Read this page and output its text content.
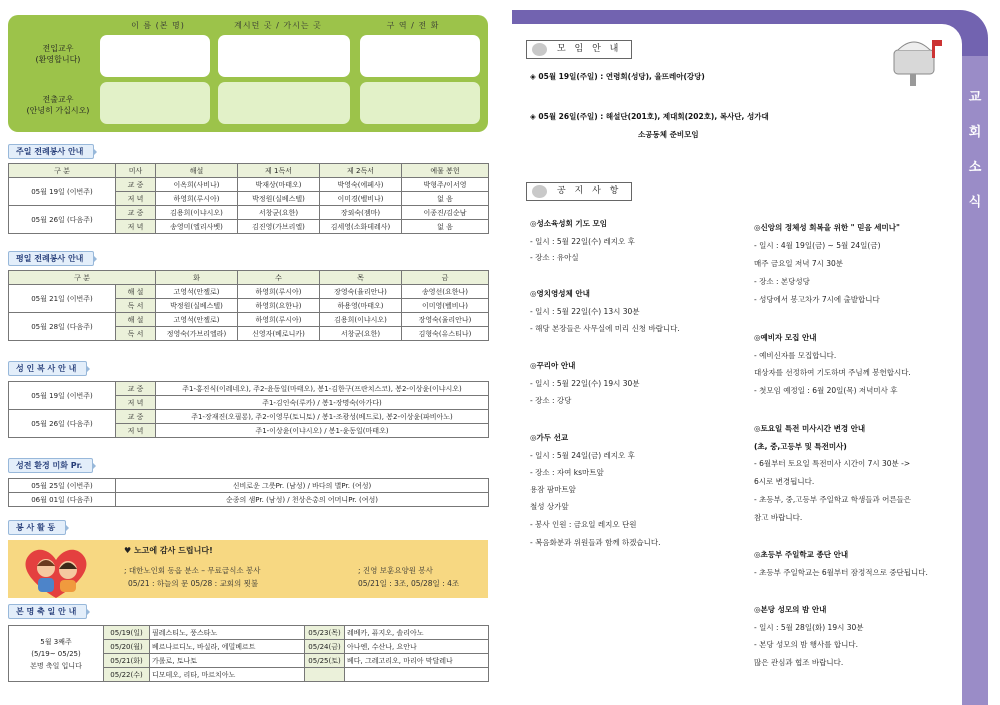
이 름 (본 명)	계시던 곳 / 가시는 곳	구 역 / 전 화
전입교우
(환영합니다)
전출교우
(안녕히 가십시오)
주일 전례봉사 안내
구 분	미사	해설	제 1독서	제 2독서	예물 봉헌
05월 19일 (이번주)	교 중	이옥희(사비나)	박재상(마태오)	박영숙(에페사)	박형주/이서영
	저 녁	하영희(루시아)	박정원(실베스텔)	이미경(벨비나)	없 음
05월 26일 (다음주)	교 중	김용희(이냐시오)	서창균(요한)	장외숙(젬마)	이종진/김순남
	저 녁	송영미(엘리사벳)	김진영(가브리엘)	김세영(소화데레사)	없 음
평일 전례봉사 안내
구 분		화	수	목	금
05월 21일 (이번주)	해 설	고영석(안젤로)	하영희(루시아)	장영숙(율리안나)	송영선(요한나)
	독 서	박정원(실베스텔)	하영희(요한나)	하용영(마태오)	이미영(벨비나)
05월 28일 (다음주)	해 설	고영석(안젤로)	하영희(루시아)	김용희(이냐시오)	장영숙(율리안나)
	독 서	정영숙(가브리엘라)	신영자(베로니카)	서창균(요한)	김형숙(유스티나)
성 인 복 사 안 내
05월 19일 (이번주)	교 중	주1-홍진식(이레네오), 주2-윤동일(마태오), 봉1-김한구(프란치스코), 봉2-이상윤(이냐시오)
	저 녁	주1-김인숙(루카) / 봉1-장명숙(아가다)
05월 26일 (다음주)	교 중	주1-장재진(오필롱), 주2-이영무(토니토) / 봉1-조광성(베드로), 봉2-이상윤(파비아노)
	저 녁	주1-이상윤(이냐시오) / 봉1-윤동일(마태오)
성전 환경 미화 Pr.
05월 25일 (이번주)	신비로운 그릇Pr. (남성) / 바다의 별Pr. (여성)
06월 01일 (다음주)	순종의 샘Pr. (남성) / 천상은총의 어머니Pr. (여성)
봉 사 활 동
♥ 노고에 감사 드립니다!
; 대한노인회 동읍 분소 – 무료급식소 봉사
05/21 : 하늘의 문 05/28 : 교회의 묏불
; 진영 보훈요양원 봉사
05/21일 : 3조, 05/28일 : 4조
본 명 축 일 안 내
5월 3째주
(5/19~ 05/25)
본명 축일 입니다	05/19(일)	필레스티노, 풍스타노	05/23(목)	레베카, 퓨지오, 솔리아노
	05/20(월)	베르나르디노, 바실라, 에밀베르트	05/24(금)	아나엔, 수산나, 요안나
	05/21(화)	가롤로, 토나토	05/25(토)	베다, 그레고리오, 마리아 막달레나
	05/22(수)	디모테오, 리타, 마르치아노		
교
회
소
식
모 임 안 내
◈ 05월 19일(주일) : 연령회(성당), 율뜨레아(강당)
◈ 05월 26일(주일) : 해설단(201호), 제대회(202호), 복사단, 성가대
소공동체 준비모임
공 지 사 항
◎성소육성회 기도 모임
- 일시 : 5월 22일(수) 레지오 후
- 장소 : 유아실
◎영치영성체 안내
- 일시 : 5월 22일(수) 13시 30분
- 해당 본장들은 사무실에 미리 신청 바랍니다.
◎꾸리아 안내
- 일시 : 5월 22일(수) 19시 30분
- 장소 : 강당
◎가두 선교
- 일시 : 5월 24일(금) 레지오 후
- 장소 : 자여 ks마트앞
용잠 팜마트앞
철성 상가앞
- 봉사 인원 : 금요일 레지오 단원
- 복음화분과 위원들과 함께 하겠습니다.
◎신앙의 정체성 회복을 위한 " 믿음 세미나"
- 일시 : 4월 19일(금) ~ 5월 24일(금)
매주 금요일 저녁 7시 30분
- 장소 : 본당성당
- 성당에서 봉고차가 7시에 출발합니다
◎예비자 모집 안내
- 예비신자를 모집합니다.
대상자를 선정하여 기도하며 주님께 봉헌합시다.
- 첫모임 예정일 : 6월 20일(목) 저녁미사 후
◎토요일 특전 미사시간 변경 안내
(초, 중,고등부 및 특전미사)
- 6월부터 토요일 특전미사 시간이 7시 30분 ->
6시로 변경됩니다.
- 초등부, 중,고등부 주일학교 학생들과 어른들은
참고 바랍니다.
◎초등부 주일학교 종단 안내
- 초등부 주일학교는 6월부터 잠정적으로 중단됩니다.
◎본당 성모의 밤 안내
- 일시 : 5월 28일(화) 19시 30분
- 본당 성모의 밤 행사를 합니다.
많은 관심과 협조 바랍니다.
